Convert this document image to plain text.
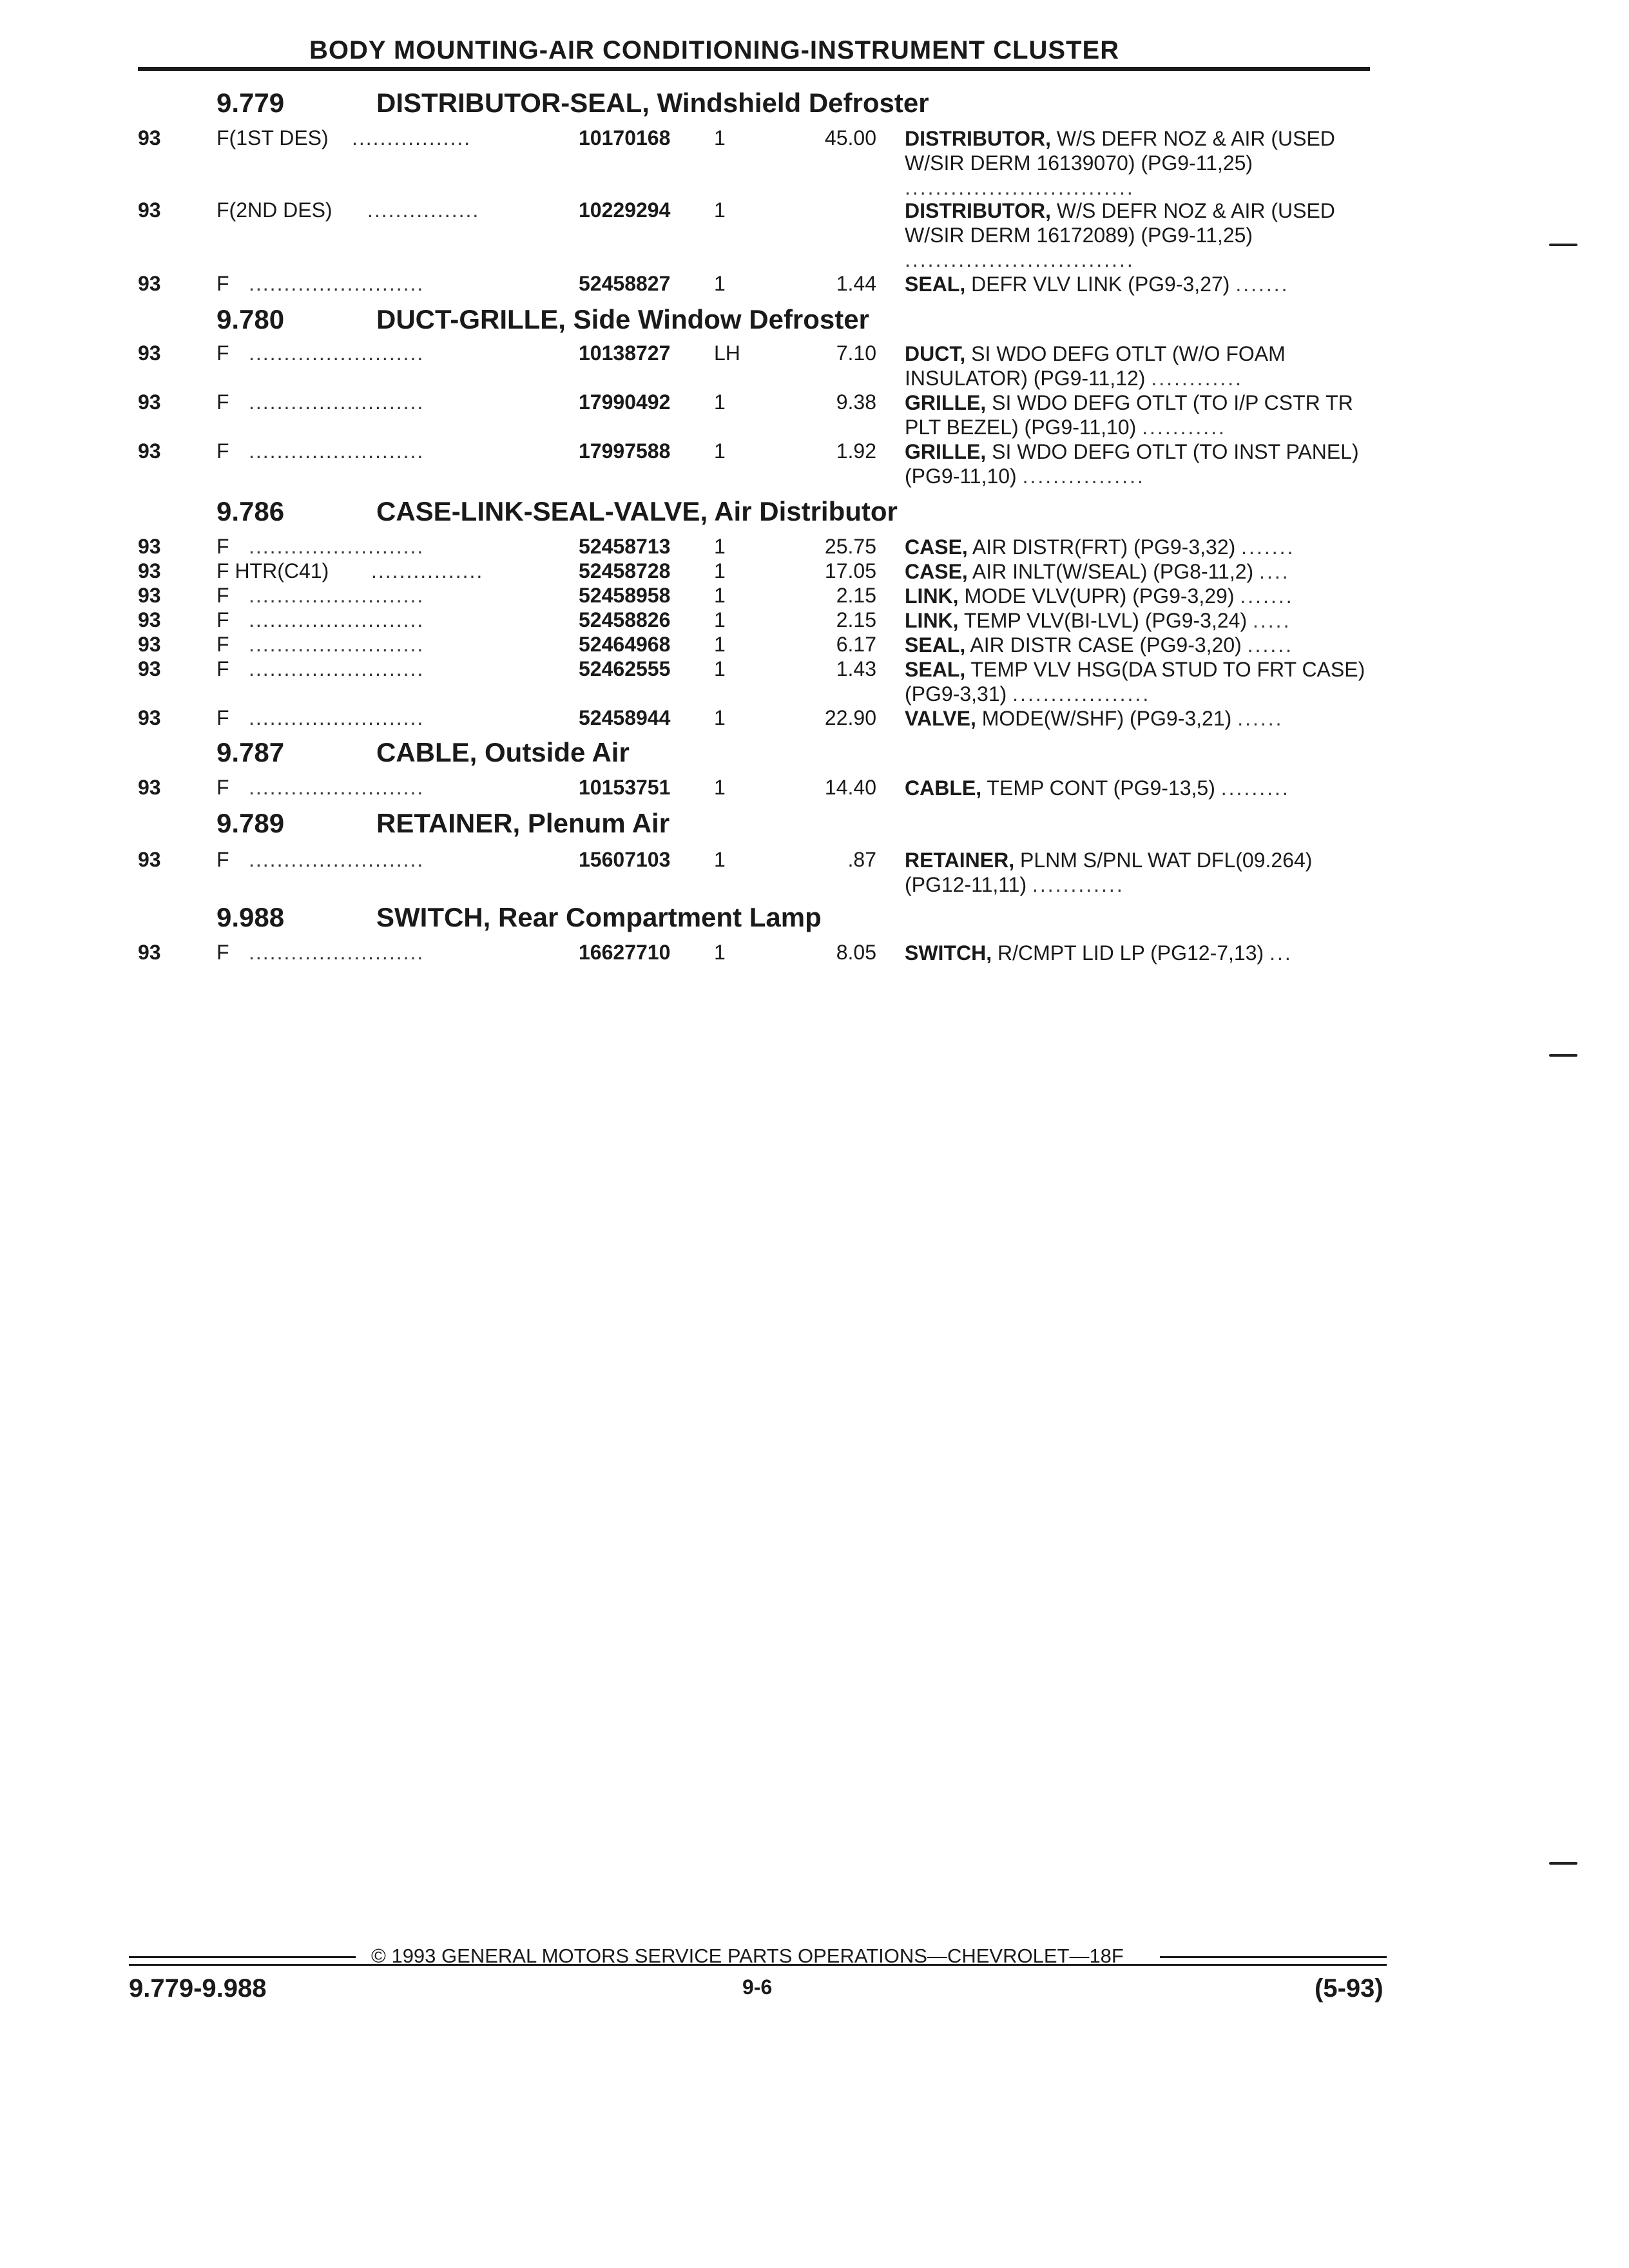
BODY MOUNTING-AIR CONDITIONING-INSTRUMENT CLUSTER
9.779	DISTRIBUTOR-SEAL, Windshield Defroster
93	F(1ST DES) .................	10170168 1	45.00 DISTRIBUTOR, W/S DEFR NOZ & AIR (USED W/SIR DERM 16139070) (PG9-11,25) ..............................
93	F(2ND DES) ................	10229294 1	DISTRIBUTOR, W/S DEFR NOZ & AIR (USED W/SIR DERM 16172089) (PG9-11,25) ..............................
93	F .........................	52458827 1	1.44 SEAL, DEFR VLV LINK (PG9-3,27) .......
9.780	DUCT-GRILLE, Side Window Defroster
93	F .........................	10138727 LH	7.10 DUCT, SI WDO DEFG OTLT (W/O FOAM INSULATOR) (PG9-11,12) ............
93	F .........................	17990492 1	9.38 GRILLE, SI WDO DEFG OTLT (TO I/P CSTR TR PLT BEZEL) (PG9-11,10) ...........
93	F .........................	17997588 1	1.92 GRILLE, SI WDO DEFG OTLT (TO INST PANEL) (PG9-11,10) ................
9.786	CASE-LINK-SEAL-VALVE, Air Distributor
93	F .........................	52458713 1	25.75 CASE, AIR DISTR(FRT) (PG9-3,32) .......
93	F HTR(C41) ................	52458728 1	17.05 CASE, AIR INLT(W/SEAL) (PG8-11,2) ....
93	F .........................	52458958 1	2.15 LINK, MODE VLV(UPR) (PG9-3,29) .......
93	F .........................	52458826 1	2.15 LINK, TEMP VLV(BI-LVL) (PG9-3,24) .....
93	F .........................	52464968 1	6.17 SEAL, AIR DISTR CASE (PG9-3,20) ......
93	F .........................	52462555 1	1.43 SEAL, TEMP VLV HSG(DA STUD TO FRT CASE) (PG9-3,31) ..................
93	F .........................	52458944 1	22.90 VALVE, MODE(W/SHF) (PG9-3,21) ......
9.787	CABLE, Outside Air
93	F .........................	10153751 1	14.40 CABLE, TEMP CONT (PG9-13,5) .........
9.789	RETAINER, Plenum Air
93	F .........................	15607103 1	.87 RETAINER, PLNM S/PNL WAT DFL(09.264) (PG12-11,11) ............
9.988	SWITCH, Rear Compartment Lamp
93	F .........................	16627710 1	8.05 SWITCH, R/CMPT LID LP (PG12-7,13) ...
© 1993 GENERAL MOTORS SERVICE PARTS OPERATIONS—CHEVROLET—18F
9.779-9.988	9-6	(5-93)
